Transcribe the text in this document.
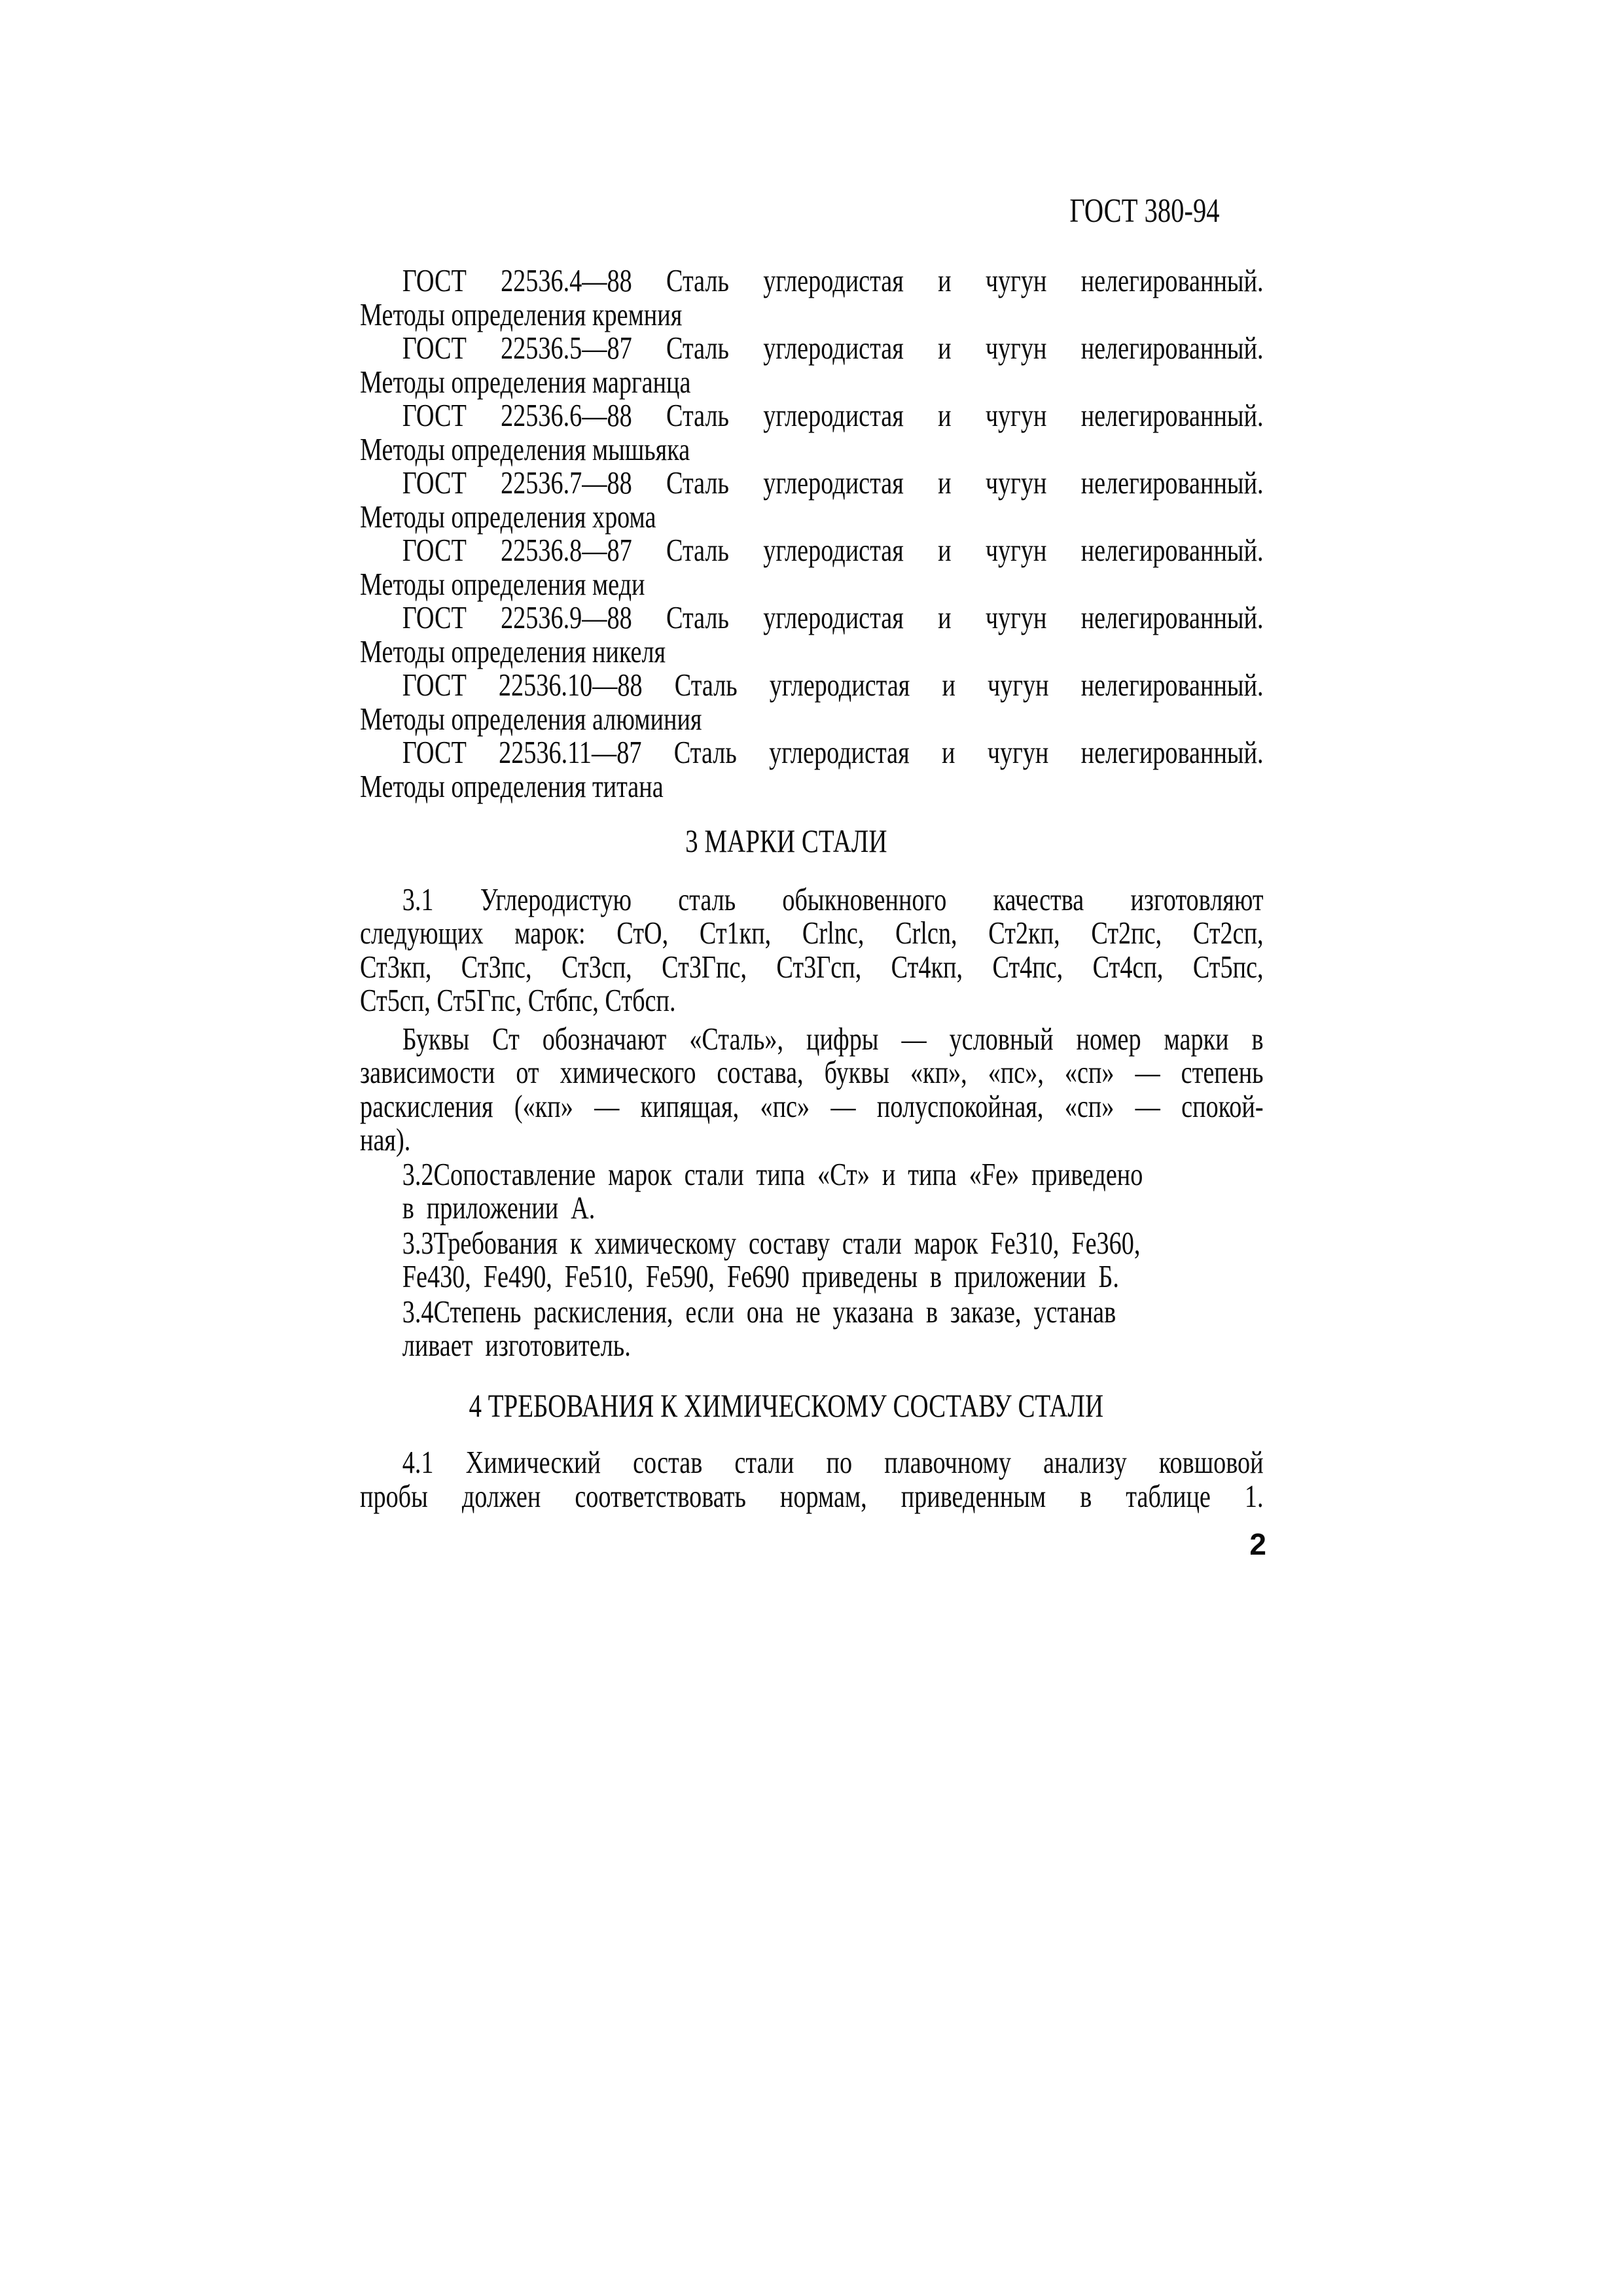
ГОСТ 380-94

ГОСТ 22536.4—88 Сталь углеродистая и чугун нелегированный.
Методы определения кремния

ГОСТ 22536.5—87 Сталь углеродистая и чугун нелегированный.
Методы определения марганца

ГОСТ 22536.6—88 Сталь углеродистая и чугун нелегированный.
Методы определения мышьяка

ГОСТ 22536.7—88 Сталь углеродистая и чугун нелегированный.
Методы определения хрома

ГОСТ 22536.8—87 Сталь углеродистая и чугун нелегированный.
Методы определения меди

ГОСТ 22536.9—88 Сталь углеродистая и чугун нелегированный.
Методы определения никеля

ГОСТ 22536.10—88 Сталь углеродистая и чугун нелегированный.
Методы определения алюминия

ГОСТ 22536.11—87 Сталь углеродистая и чугун нелегированный.
Методы определения титана

3 МАРКИ СТАЛИ
3.1 Углеродистую сталь обыкновенного качества изготовляют
следующих марок: СтО, Ст1кп, Crlnc, Crlcn, Ст2кп, Ст2пс, Ст2сп,
Ст3кп, Ст3пс, Ст3сп, Ст3Гпс, Ст3Гсп, Ст4кп, Ст4пс, Ст4сп, Ст5пс,
Ст5сп, Ст5Гпс, Стбпс, Стбсп.
Буквы Ст обозначают «Сталь», цифры — условный номер марки в
зависимости от химического состава, буквы «кп», «пс», «сп» — степень
раскисления («кп» — кипящая, «пс» — полуспокойная, «сп» — спокой-
ная).
3.2Сопоставление марок стали типа «Ст» и типа «Fe» приведено
в приложении А.
3.3Требования к химическому составу стали марок Fe310, Fe360,
Fe430, Fe490, Fe510, Fe590, Fe690 приведены в приложении Б.
3.4Степень раскисления, если она не указана в заказе, устанав
ливает изготовитель.
4 ТРЕБОВАНИЯ К ХИМИЧЕСКОМУ СОСТАВУ СТАЛИ
4.1 Химический состав стали по плавочному анализу ковшовой
пробы должен соответствовать нормам, приведенным в таблице 1.
2
